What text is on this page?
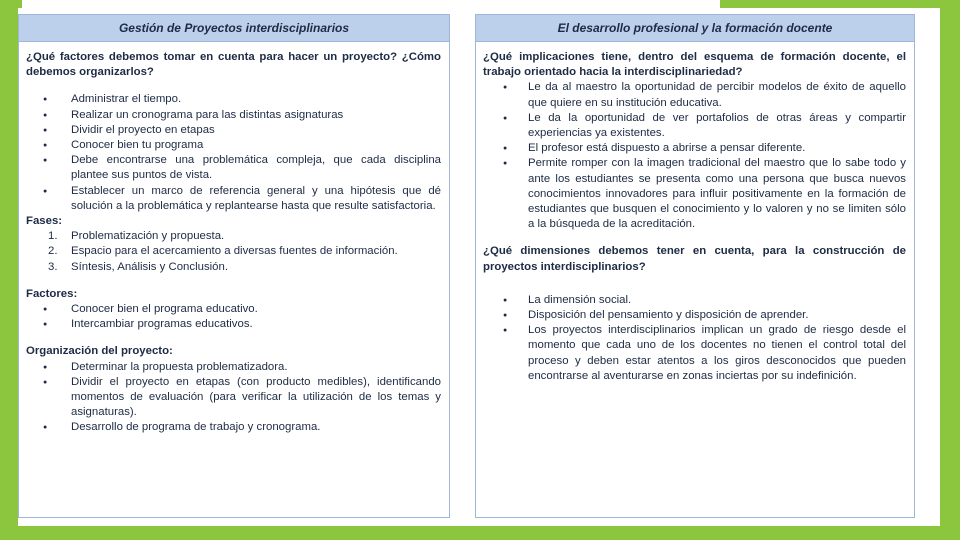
Gestión de Proyectos interdisciplinarios

¿Qué factores debemos tomar en cuenta para hacer un proyecto? ¿Cómo debemos organizarlos?

● Administrar el tiempo.
● Realizar un cronograma para las distintas asignaturas
● Dividir el proyecto en etapas
● Conocer bien tu programa
● Debe encontrarse una problemática compleja, que cada disciplina plantee sus puntos de vista.
● Establecer un marco de referencia general y una hipótesis que dé solución a la problemática y replantearse hasta que resulte satisfactoria.
Fases:
1. Problematización y propuesta.
2. Espacio para el acercamiento a diversas fuentes de información.
3. Síntesis, Análisis y Conclusión.
Factores:
● Conocer bien el programa educativo.
● Intercambiar programas educativos.
Organización del proyecto:
● Determinar la propuesta problematizadora.
● Dividir el proyecto en etapas (con producto medibles), identificando momentos de evaluación (para verificar la utilización de los temas y asignaturas).
● Desarrollo de programa de trabajo y cronograma.
El desarrollo profesional y la formación docente

¿Qué implicaciones tiene, dentro del esquema de formación docente, el trabajo orientado hacia la interdisciplinariedad?

● Le da al maestro la oportunidad de percibir modelos de éxito de aquello que quiere en su institución educativa.
● Le da la oportunidad de ver portafolios de otras áreas y compartir experiencias ya existentes.
● El profesor está dispuesto a abrirse a pensar diferente.
● Permite romper con la imagen tradicional del maestro que lo sabe todo y ante los estudiantes se presenta como una persona que busca nuevos conocimientos innovadores para influir positivamente en la formación de estudiantes que busquen el conocimiento y lo valoren y no se limiten sólo a la búsqueda de la acreditación.

¿Qué dimensiones debemos tener en cuenta, para la construcción de proyectos interdisciplinarios?

● La dimensión social.
● Disposición del pensamiento y disposición de aprender.
● Los proyectos interdisciplinarios implican un grado de riesgo desde el momento que cada uno de los docentes no tienen el control total del proceso y deben estar atentos a los giros desconocidos que pueden encontrarse al aventurarse en zonas inciertas por su indefinición.
